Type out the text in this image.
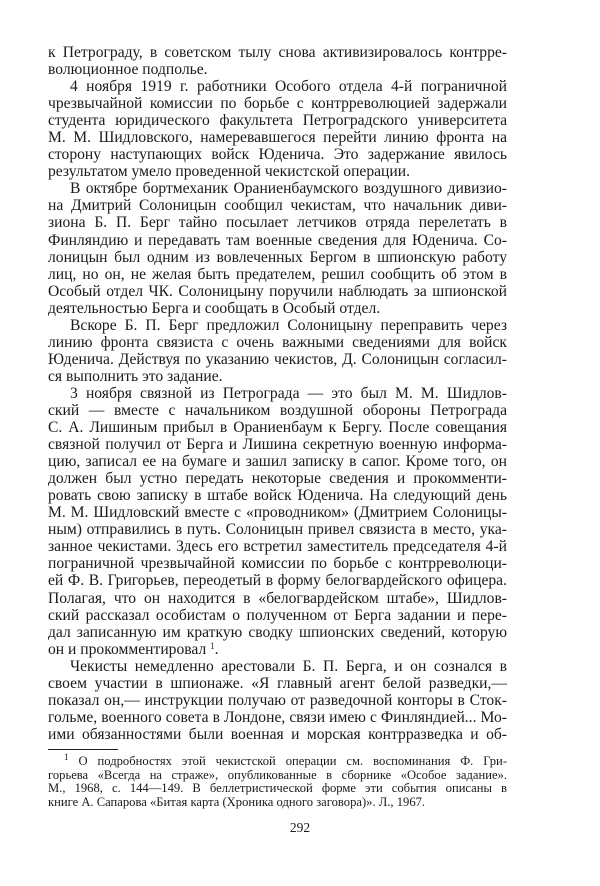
к Петрограду, в советском тылу снова активизировалось контрре-
волюционное подполье.
4 ноября 1919 г. работники Особого отдела 4-й пограничной
чрезвычайной комиссии по борьбе с контрреволюцией задержали
студента юридического факультета Петроградского университета
М. М. Шидловского, намеревавшегося перейти линию фронта на
сторону наступающих войск Юденича. Это задержание явилось
результатом умело проведенной чекистской операции.
В октябре бортмеханик Ораниенбаумского воздушного дивизио-
на Дмитрий Солоницын сообщил чекистам, что начальник диви-
зиона Б. П. Берг тайно посылает летчиков отряда перелетать в
Финляндию и передавать там военные сведения для Юденича. Со-
лоницын был одним из вовлеченных Бергом в шпионскую работу
лиц, но он, не желая быть предателем, решил сообщить об этом в
Особый отдел ЧК. Солоницыну поручили наблюдать за шпионской
деятельностью Берга и сообщать в Особый отдел.
Вскоре Б. П. Берг предложил Солоницыну переправить через
линию фронта связиста с очень важными сведениями для войск
Юденича. Действуя по указанию чекистов, Д. Солоницын согласил-
ся выполнить это задание.
3 ноября связной из Петрограда — это был М. М. Шидлов-
ский — вместе с начальником воздушной обороны Петрограда
С. А. Лишиным прибыл в Ораниенбаум к Бергу. После совещания
связной получил от Берга и Лишина секретную военную информа-
цию, записал ее на бумаге и зашил записку в сапог. Кроме того, он
должен был устно передать некоторые сведения и прокомменти-
ровать свою записку в штабе войск Юденича. На следующий день
М. М. Шидловский вместе с «проводником» (Дмитрием Солоницы-
ным) отправились в путь. Солоницын привел связиста в место, ука-
занное чекистами. Здесь его встретил заместитель председателя 4-й
пограничной чрезвычайной комиссии по борьбе с контрреволюци-
ей Ф. В. Григорьев, переодетый в форму белогвардейского офицера.
Полагая, что он находится в «белогвардейском штабе», Шидлов-
ский рассказал особистам о полученном от Берга задании и пере-
дал записанную им краткую сводку шпионских сведений, которую
он и прокомментировал $^1$.
Чекисты немедленно арестовали Б. П. Берга, и он сознался в
своем участии в шпионаже. «Я главный агент белой разведки,—
показал он,— инструкции получаю от разведочной конторы в Сток-
гольме, военного совета в Лондоне, связи имею с Финляндией... Мо-
ими обязанностями были военная и морская контрразведка и об-
$^1$ О подробностях этой чекистской операции см. воспоминания Ф. Гри-
горьева «Всегда на страже», опубликованные в сборнике «Особое задание».
М., 1968, с. 144—149. В беллетристической форме эти события описаны в
книге А. Сапарова «Битая карта (Хроника одного заговора)». Л., 1967.
292
